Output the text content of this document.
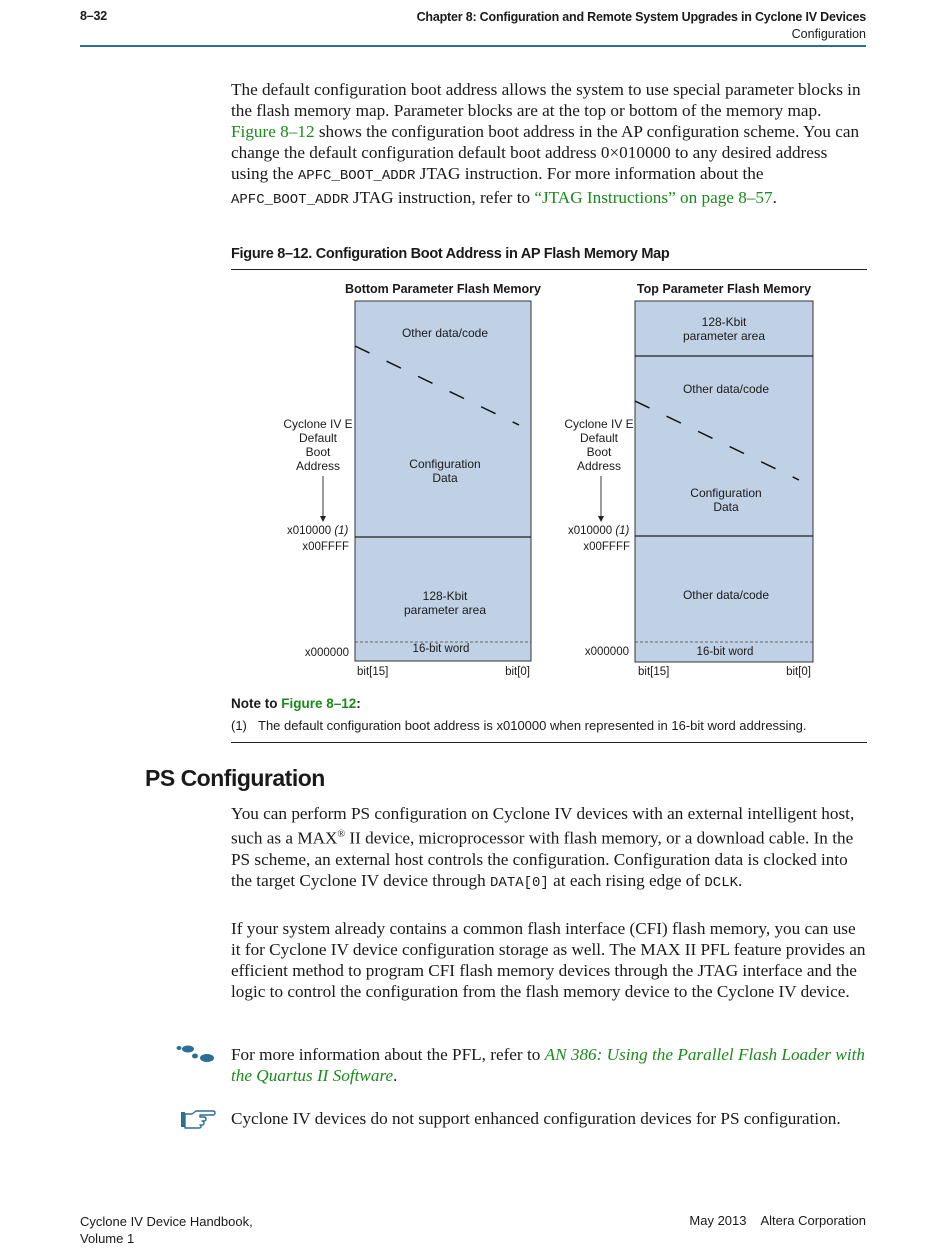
8–32	Chapter 8: Configuration and Remote System Upgrades in Cyclone IV Devices
Configuration
The default configuration boot address allows the system to use special parameter blocks in the flash memory map. Parameter blocks are at the top or bottom of the memory map. Figure 8–12 shows the configuration boot address in the AP configuration scheme. You can change the default configuration default boot address 0×010000 to any desired address using the APFC_BOOT_ADDR JTAG instruction. For more information about the APFC_BOOT_ADDR JTAG instruction, refer to “JTAG Instructions” on page 8–57.
Figure 8–12. Configuration Boot Address in AP Flash Memory Map
Bottom Parameter Flash Memory
Other data/code
Configuration
Data
128-Kbit
parameter area
16-bit word
Cyclone IV E
Default
Boot
Address
x010000 (1)
x00FFFF
x000000
bit[15]	bit[0]
Top Parameter Flash Memory
128-Kbit
parameter area
Other data/code
Configuration
Data
Other data/code
16-bit word
Cyclone IV E
Default
Boot
Address
x010000 (1)
x00FFFF
x000000
bit[15]	bit[0]
Note to Figure 8–12:
(1) The default configuration boot address is x010000 when represented in 16-bit word addressing.
PS Configuration
You can perform PS configuration on Cyclone IV devices with an external intelligent host, such as a MAX® II device, microprocessor with flash memory, or a download cable. In the PS scheme, an external host controls the configuration. Configuration data is clocked into the target Cyclone IV device through DATA[0] at each rising edge of DCLK.
If your system already contains a common flash interface (CFI) flash memory, you can use it for Cyclone IV device configuration storage as well. The MAX II PFL feature provides an efficient method to program CFI flash memory devices through the JTAG interface and the logic to control the configuration from the flash memory device to the Cyclone IV device.
For more information about the PFL, refer to AN 386: Using the Parallel Flash Loader with the Quartus II Software.
Cyclone IV devices do not support enhanced configuration devices for PS configuration.
Cyclone IV Device Handbook,
Volume 1
May 2013 Altera Corporation
